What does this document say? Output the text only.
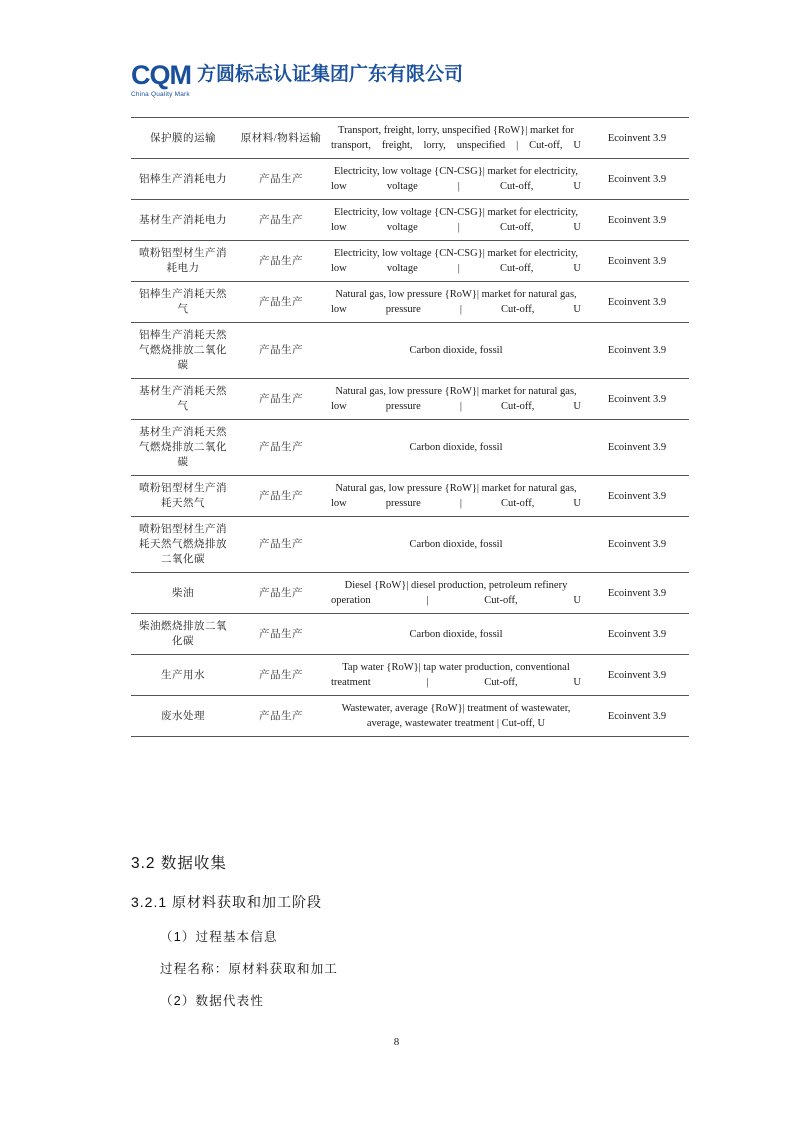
CQM
China Quality Mark
方圆标志认证集团广东有限公司
保护膜的运输	原材料/物料运输	Transport, freight, lorry, unspecified {RoW}| market for transport, freight, lorry, unspecified | Cut-off, U	Ecoinvent 3.9
铝棒生产消耗电力	产品生产	Electricity, low voltage {CN-CSG}| market for electricity, low voltage | Cut-off, U	Ecoinvent 3.9
基材生产消耗电力	产品生产	Electricity, low voltage {CN-CSG}| market for electricity, low voltage | Cut-off, U	Ecoinvent 3.9
喷粉铝型材生产消耗电力	产品生产	Electricity, low voltage {CN-CSG}| market for electricity, low voltage | Cut-off, U	Ecoinvent 3.9
铝棒生产消耗天然气	产品生产	Natural gas, low pressure {RoW}| market for natural gas, low pressure | Cut-off, U	Ecoinvent 3.9
铝棒生产消耗天然气燃烧排放二氧化碳	产品生产	Carbon dioxide, fossil	Ecoinvent 3.9
基材生产消耗天然气	产品生产	Natural gas, low pressure {RoW}| market for natural gas, low pressure | Cut-off, U	Ecoinvent 3.9
基材生产消耗天然气燃烧排放二氧化碳	产品生产	Carbon dioxide, fossil	Ecoinvent 3.9
喷粉铝型材生产消耗天然气	产品生产	Natural gas, low pressure {RoW}| market for natural gas, low pressure | Cut-off, U	Ecoinvent 3.9
喷粉铝型材生产消耗天然气燃烧排放二氧化碳	产品生产	Carbon dioxide, fossil	Ecoinvent 3.9
柴油	产品生产	Diesel {RoW}| diesel production, petroleum refinery operation | Cut-off, U	Ecoinvent 3.9
柴油燃烧排放二氧化碳	产品生产	Carbon dioxide, fossil	Ecoinvent 3.9
生产用水	产品生产	Tap water {RoW}| tap water production, conventional treatment | Cut-off, U	Ecoinvent 3.9
废水处理	产品生产	Wastewater, average {RoW}| treatment of wastewater, average, wastewater treatment | Cut-off, U	Ecoinvent 3.9
3.2 数据收集
3.2.1 原材料获取和加工阶段
（1）过程基本信息
过程名称：原材料获取和加工
（2）数据代表性
8
